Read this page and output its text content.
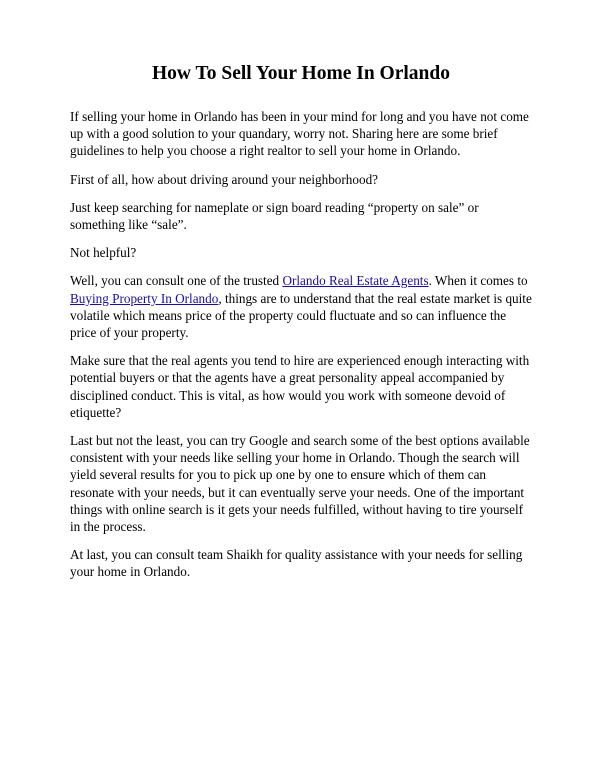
How To Sell Your Home In Orlando

If selling your home in Orlando has been in your mind for long and you have not come up with a good solution to your quandary, worry not. Sharing here are some brief guidelines to help you choose a right realtor to sell your home in Orlando.

First of all, how about driving around your neighborhood?

Just keep searching for nameplate or sign board reading “property on sale” or something like “sale”.

Not helpful?

Well, you can consult one of the trusted Orlando Real Estate Agents. When it comes to Buying Property In Orlando, things are to understand that the real estate market is quite volatile which means price of the property could fluctuate and so can influence the price of your property.

Make sure that the real agents you tend to hire are experienced enough interacting with potential buyers or that the agents have a great personality appeal accompanied by disciplined conduct. This is vital, as how would you work with someone devoid of etiquette?

Last but not the least, you can try Google and search some of the best options available consistent with your needs like selling your home in Orlando. Though the search will yield several results for you to pick up one by one to ensure which of them can resonate with your needs, but it can eventually serve your needs. One of the important things with online search is it gets your needs fulfilled, without having to tire yourself in the process.

At last, you can consult team Shaikh for quality assistance with your needs for selling your home in Orlando.
